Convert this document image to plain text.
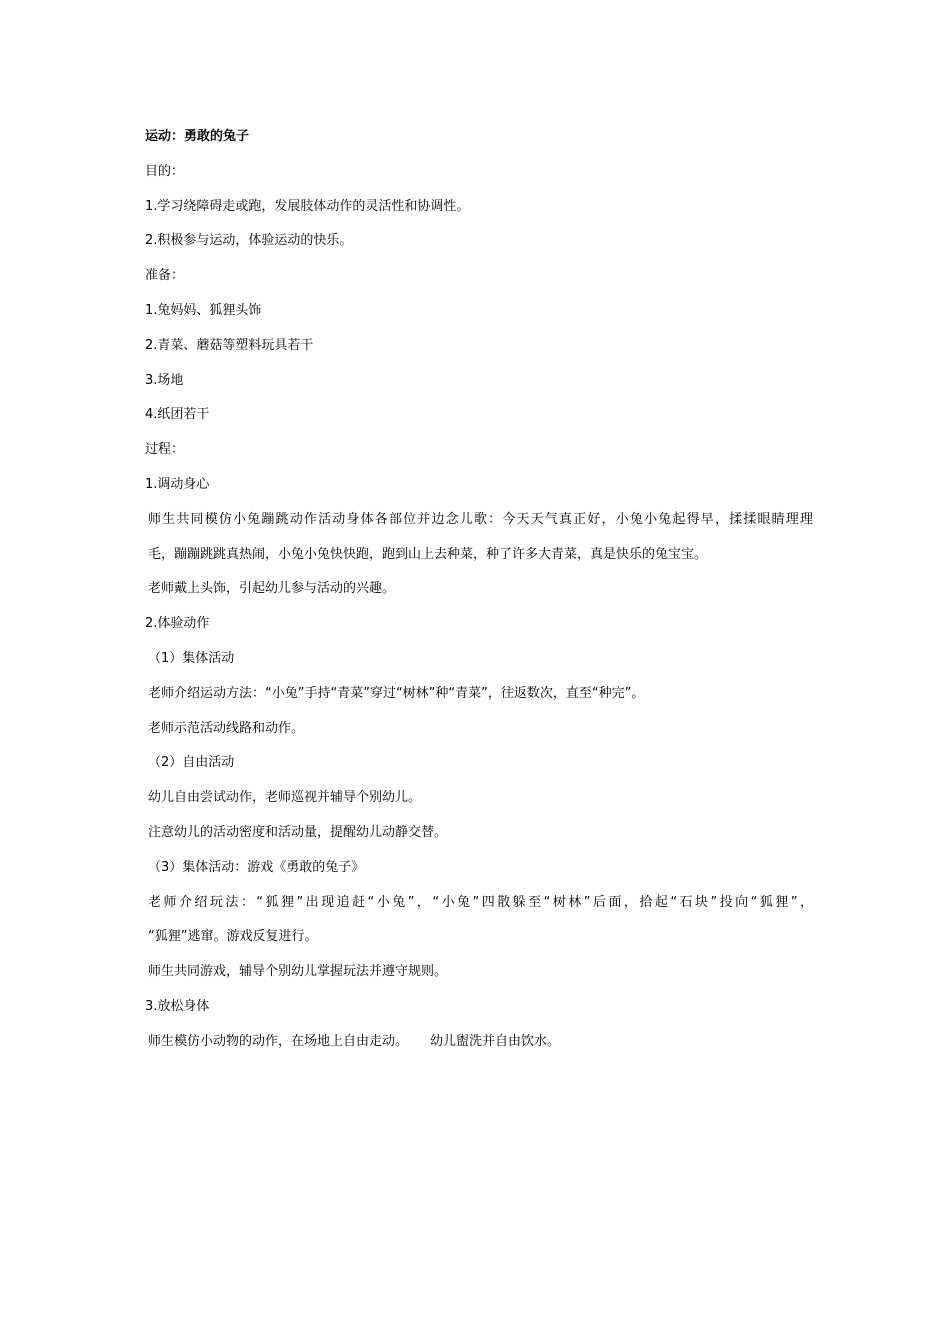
运动：勇敢的兔子
目的：
1.学习绕障碍走或跑，发展肢体动作的灵活性和协调性。
2.积极参与运动，体验运动的快乐。
准备：
1.兔妈妈、狐狸头饰
2.青菜、蘑菇等塑料玩具若干
3.场地
4.纸团若干
过程：
1.调动身心
师生共同模仿小兔蹦跳动作活动身体各部位并边念儿歌：今天天气真正好，小兔小兔起得早，揉揉眼睛理理
毛，蹦蹦跳跳真热闹，小兔小兔快快跑，跑到山上去种菜，种了许多大青菜，真是快乐的兔宝宝。
老师戴上头饰，引起幼儿参与活动的兴趣。
2.体验动作
（1）集体活动
老师介绍运动方法：“小兔”手持“青菜”穿过“树林”种“青菜”，往返数次，直至“种完”。
老师示范活动线路和动作。
（2）自由活动
幼儿自由尝试动作，老师巡视并辅导个别幼儿。
注意幼儿的活动密度和活动量，提醒幼儿动静交替。
（3）集体活动：游戏《勇敢的兔子》
老师介绍玩法：“狐狸”出现追赶“小兔”，“小兔”四散躲至“树林”后面，拾起“石块”投向“狐狸”，
“狐狸”逃窜。游戏反复进行。
师生共同游戏，辅导个别幼儿掌握玩法并遵守规则。
3.放松身体
师生模仿小动物的动作，在场地上自由走动。 幼儿盥洗并自由饮水。
